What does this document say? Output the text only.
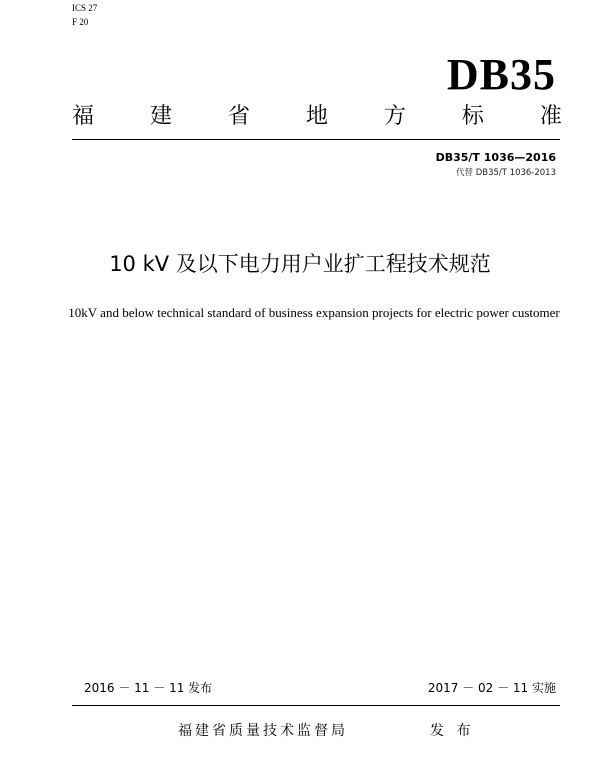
ICS 27
F 20
DB35
福	建	省	地	方	标	准
DB35/T 1036—2016
代替 DB35/T 1036-2013
10 kV 及以下电力用户业扩工程技术规范
10kV and below technical standard of business expansion projects for electric power customer
2016 － 11 － 11 发布	2017 － 02 － 11 实施
福建省质量技术监督局	发 布
